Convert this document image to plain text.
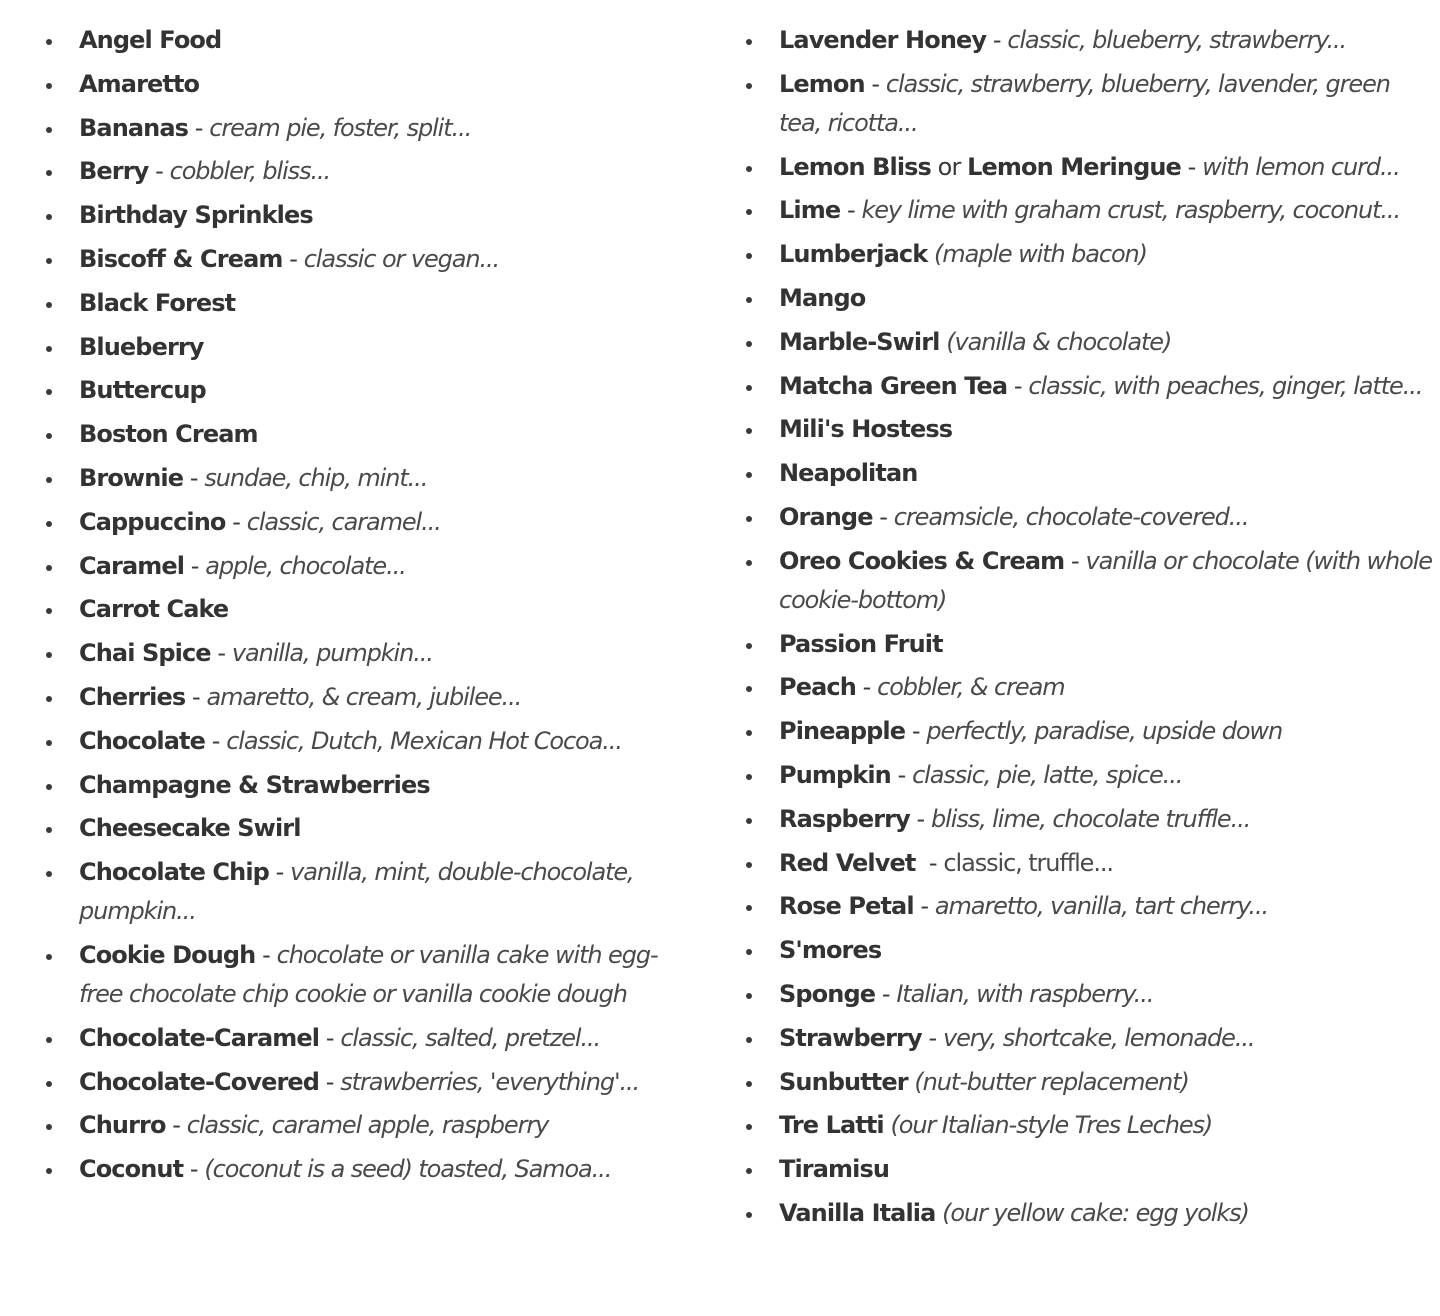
Angel Food
Amaretto
Bananas - cream pie, foster, split...
Berry - cobbler, bliss...
Birthday Sprinkles
Biscoff & Cream - classic or vegan...
Black Forest
Blueberry
Buttercup
Boston Cream
Brownie - sundae, chip, mint...
Cappuccino - classic, caramel...
Caramel - apple, chocolate...
Carrot Cake
Chai Spice - vanilla, pumpkin...
Cherries - amaretto, & cream, jubilee...
Chocolate - classic, Dutch, Mexican Hot Cocoa...
Champagne & Strawberries
Cheesecake Swirl
Chocolate Chip - vanilla, mint, double-chocolate, pumpkin...
Cookie Dough - chocolate or vanilla cake with egg-free chocolate chip cookie or vanilla cookie dough
Chocolate-Caramel - classic, salted, pretzel...
Chocolate-Covered - strawberries, 'everything'...
Churro - classic, caramel apple, raspberry
Coconut - (coconut is a seed) toasted, Samoa...
Lavender Honey - classic, blueberry, strawberry...
Lemon - classic, strawberry, blueberry, lavender, green tea, ricotta...
Lemon Bliss or Lemon Meringue - with lemon curd...
Lime - key lime with graham crust, raspberry, coconut...
Lumberjack (maple with bacon)
Mango
Marble-Swirl (vanilla & chocolate)
Matcha Green Tea - classic, with peaches, ginger, latte...
Mili's Hostess
Neapolitan
Orange - creamsicle, chocolate-covered...
Oreo Cookies & Cream - vanilla or chocolate (with whole cookie-bottom)
Passion Fruit
Peach - cobbler, & cream
Pineapple - perfectly, paradise, upside down
Pumpkin - classic, pie, latte, spice...
Raspberry - bliss, lime, chocolate truffle...
Red Velvet  - classic, truffle...
Rose Petal - amaretto, vanilla, tart cherry...
S'mores
Sponge - Italian, with raspberry...
Strawberry - very, shortcake, lemonade...
Sunbutter (nut-butter replacement)
Tre Latti (our Italian-style Tres Leches)
Tiramisu
Vanilla Italia (our yellow cake: egg yolks)
